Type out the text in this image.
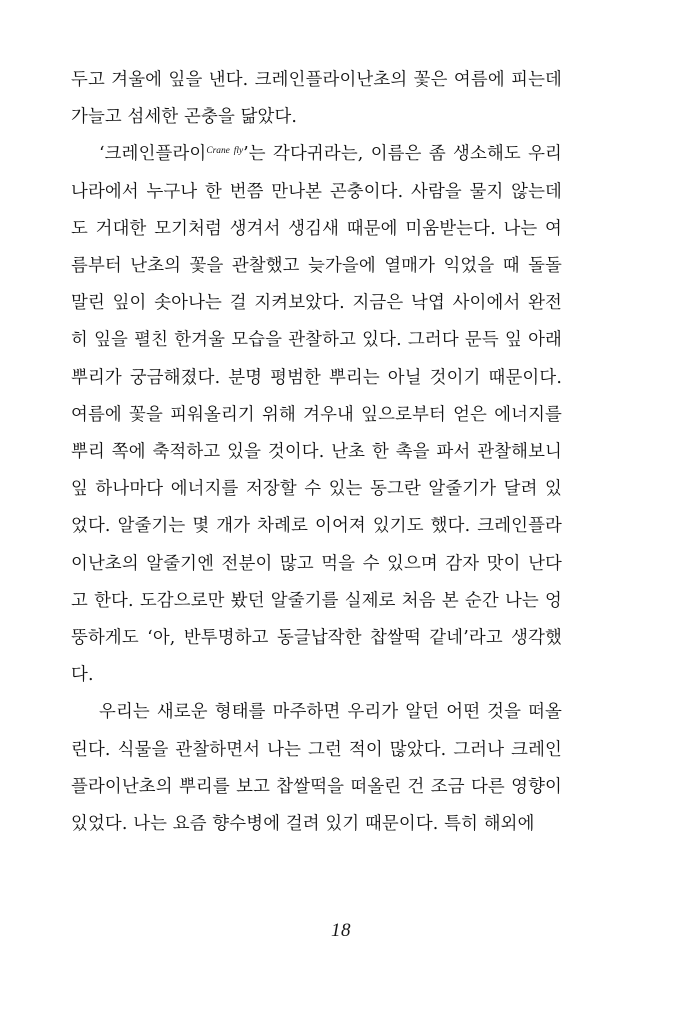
두고 겨울에 잎을 낸다. 크레인플라이난초의 꽃은 여름에 피는데 가늘고 섬세한 곤충을 닮았다.

‘크레인플라이$^{Crane fly}$’는 각다귀라는, 이름은 좀 생소해도 우리나라에서 누구나 한 번쯤 만나본 곤충이다. 사람을 물지 않는데도 거대한 모기처럼 생겨서 생김새 때문에 미움받는다. 나는 여름부터 난초의 꽃을 관찰했고 늦가을에 열매가 익었을 때 돌돌 말린 잎이 솟아나는 걸 지켜보았다. 지금은 낙엽 사이에서 완전히 잎을 펼친 한겨울 모습을 관찰하고 있다. 그러다 문득 잎 아래 뿌리가 궁금해졌다. 분명 평범한 뿌리는 아닐 것이기 때문이다. 여름에 꽃을 피워올리기 위해 겨우내 잎으로부터 얻은 에너지를 뿌리 쪽에 축적하고 있을 것이다. 난초 한 촉을 파서 관찰해보니 잎 하나마다 에너지를 저장할 수 있는 동그란 알줄기가 달려 있었다. 알줄기는 몇 개가 차례로 이어져 있기도 했다. 크레인플라이난초의 알줄기엔 전분이 많고 먹을 수 있으며 감자 맛이 난다고 한다. 도감으로만 봤던 알줄기를 실제로 처음 본 순간 나는 엉뚱하게도 ‘아, 반투명하고 동글납작한 찹쌀떡 같네’라고 생각했다.

우리는 새로운 형태를 마주하면 우리가 알던 어떤 것을 떠올린다. 식물을 관찰하면서 나는 그런 적이 많았다. 그러나 크레인플라이난초의 뿌리를 보고 찹쌀떡을 떠올린 건 조금 다른 영향이 있었다. 나는 요즘 향수병에 걸려 있기 때문이다. 특히 해외에

18
